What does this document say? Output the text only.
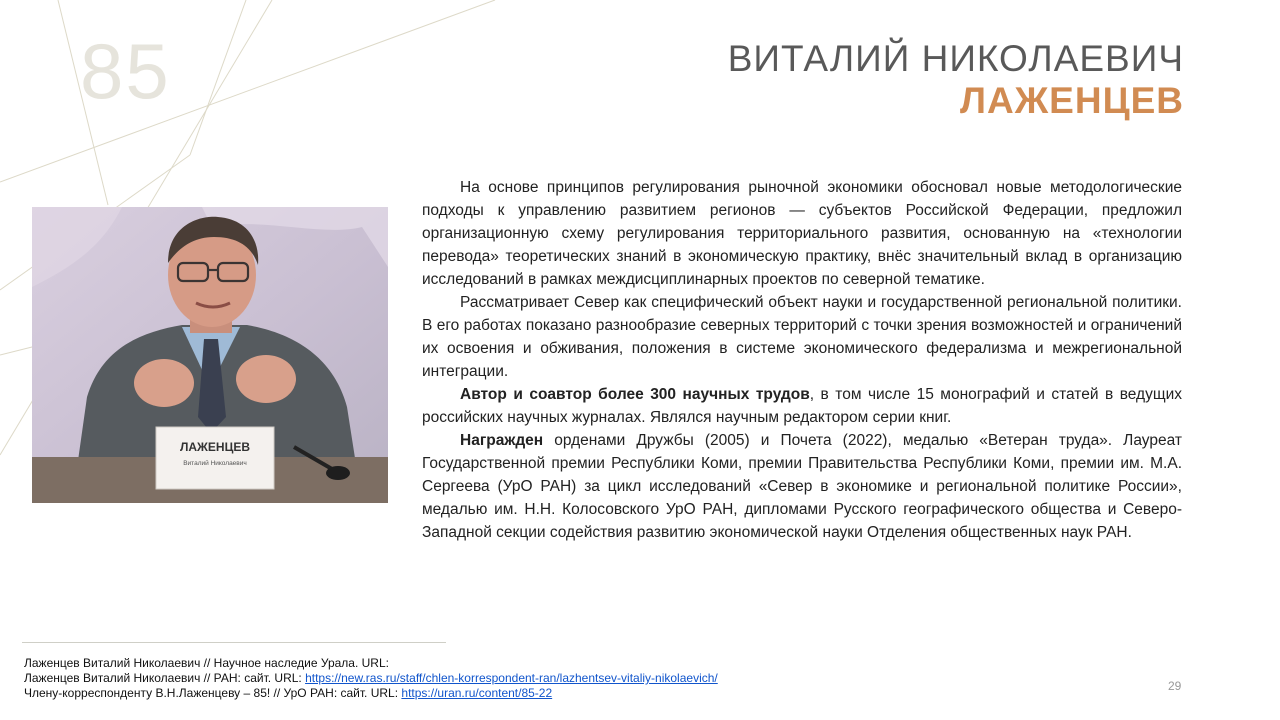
85	ВИТАЛИЙ НИКОЛАЕВИЧ
ЛАЖЕНЦЕВ
ЛАЖЕНЦЕВ
Виталий Николаевич

На основе принципов регулирования рыночной экономики обосновал новые методологические подходы к управлению развитием регионов — субъектов Российской Федерации, предложил организационную схему регулирования территориального развития, основанную на «технологии перевода» теоретических знаний в экономическую практику, внёс значительный вклад в организацию исследований в рамках междисциплинарных проектов по северной тематике.

Рассматривает Север как специфический объект науки и государственной региональной политики. В его работах показано разнообразие северных территорий с точки зрения возможностей и ограничений их освоения и обживания, положения в системе экономического федерализма и межрегиональной интеграции.

Автор и соавтор более 300 научных трудов, в том числе 15 монографий и статей в ведущих российских научных журналах. Являлся научным редактором серии книг.

Награжден орденами Дружбы (2005) и Почета (2022), медалью «Ветеран труда». Лауреат Государственной премии Республики Коми, премии Правительства Республики Коми, премии им. М.А. Сергеева (УрО РАН) за цикл исследований «Север в экономике и региональной политике России», медалью им. Н.Н. Колосовского УрО РАН, дипломами Русского географического общества и Северо-Западной секции содействия развитию экономической науки Отделения общественных наук РАН.

Лаженцев Виталий Николаевич // Научное наследие Урала. URL:
Лаженцев Виталий Николаевич // РАН: сайт. URL: https://new.ras.ru/staff/chlen-korrespondent-ran/lazhentsev-vitaliy-nikolaevich/
Члену-корреспонденту В.Н.Лаженцеву – 85! // УрО РАН: сайт. URL: https://uran.ru/content/85-22	29
